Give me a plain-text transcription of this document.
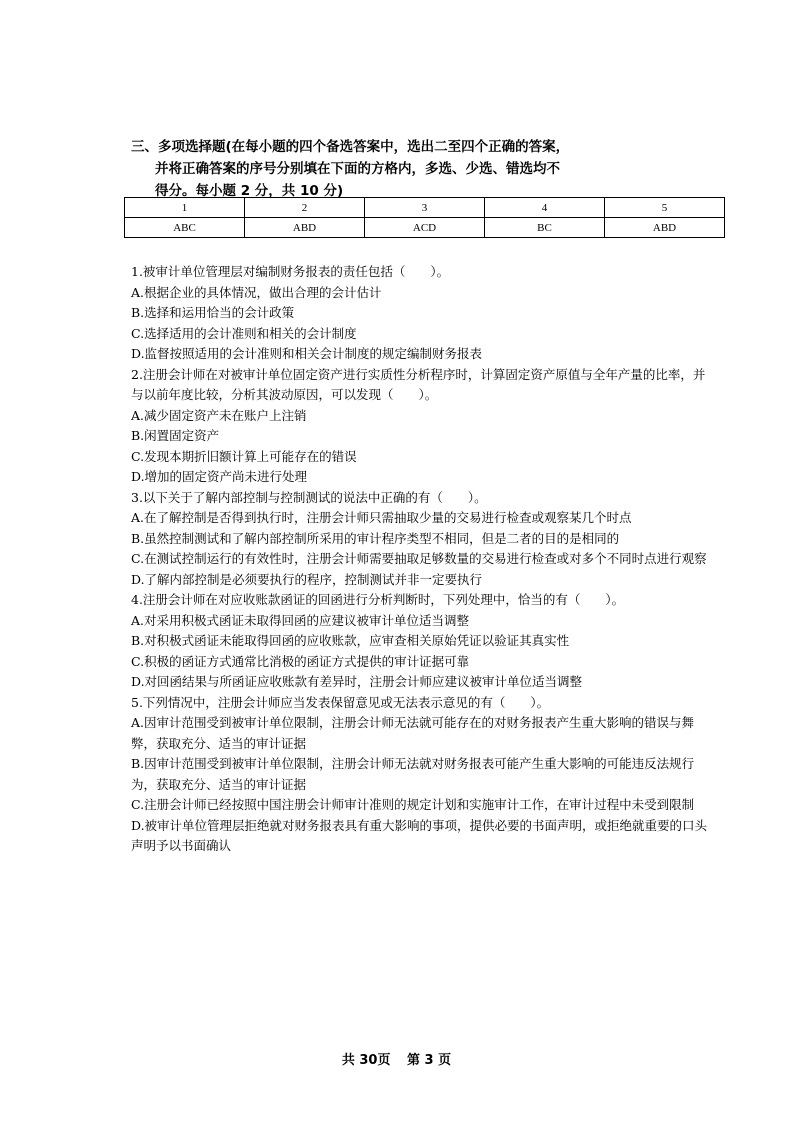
三、多项选择题(在每小题的四个备选答案中，选出二至四个正确的答案，
并将正确答案的序号分别填在下面的方格内，多选、少选、错选均不
得分。每小题 2 分，共 10 分)
1	2	3	4	5
ABC	ABD	ACD	BC	ABD
1.被审计单位管理层对编制财务报表的责任包括（　　）。
A.根据企业的具体情况，做出合理的会计估计
B.选择和运用恰当的会计政策
C.选择适用的会计准则和相关的会计制度
D.监督按照适用的会计准则和相关会计制度的规定编制财务报表
2.注册会计师在对被审计单位固定资产进行实质性分析程序时，计算固定资产原值与全年产量的比率，并与以前年度比较，分析其波动原因，可以发现（　　）。
A.减少固定资产未在账户上注销
B.闲置固定资产
C.发现本期折旧额计算上可能存在的错误
D.增加的固定资产尚未进行处理
3.以下关于了解内部控制与控制测试的说法中正确的有（　　）。
A.在了解控制是否得到执行时，注册会计师只需抽取少量的交易进行检查或观察某几个时点
B.虽然控制测试和了解内部控制所采用的审计程序类型不相同，但是二者的目的是相同的
C.在测试控制运行的有效性时，注册会计师需要抽取足够数量的交易进行检查或对多个不同时点进行观察
D.了解内部控制是必须要执行的程序，控制测试并非一定要执行
4.注册会计师在对应收账款函证的回函进行分析判断时，下列处理中，恰当的有（　　）。
A.对采用积极式函证未取得回函的应建议被审计单位适当调整
B.对积极式函证未能取得回函的应收账款，应审查相关原始凭证以验证其真实性
C.积极的函证方式通常比消极的函证方式提供的审计证据可靠
D.对回函结果与所函证应收账款有差异时，注册会计师应建议被审计单位适当调整
5.下列情况中，注册会计师应当发表保留意见或无法表示意见的有（　　）。
A.因审计范围受到被审计单位限制，注册会计师无法就可能存在的对财务报表产生重大影响的错误与舞弊，获取充分、适当的审计证据
B.因审计范围受到被审计单位限制，注册会计师无法就对财务报表可能产生重大影响的可能违反法规行为，获取充分、适当的审计证据
C.注册会计师已经按照中国注册会计师审计准则的规定计划和实施审计工作，在审计过程中未受到限制
D.被审计单位管理层拒绝就对财务报表具有重大影响的事项，提供必要的书面声明，或拒绝就重要的口头声明予以书面确认
共 30页 第 3 页
